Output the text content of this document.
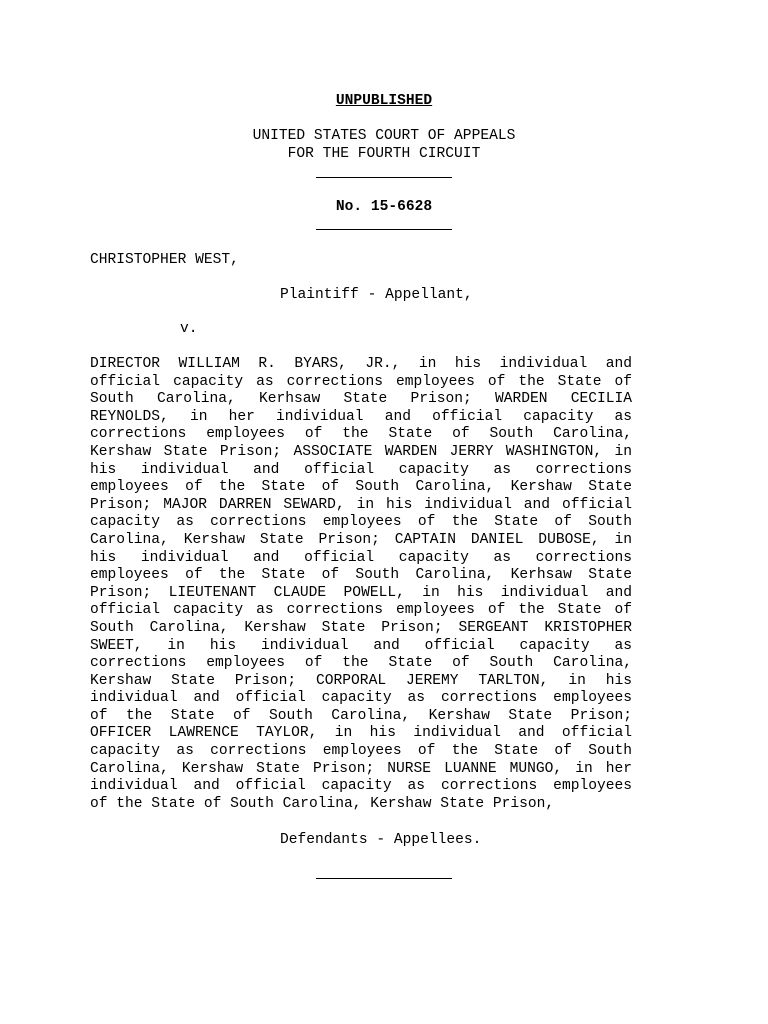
UNPUBLISHED
UNITED STATES COURT OF APPEALS
FOR THE FOURTH CIRCUIT
No. 15-6628
CHRISTOPHER WEST,
Plaintiff - Appellant,
v.
DIRECTOR WILLIAM R. BYARS, JR., in his individual and
official capacity as corrections employees of the State of
South Carolina, Kerhsaw State Prison; WARDEN CECILIA
REYNOLDS, in her individual and official capacity as
corrections employees of the State of South Carolina,
Kershaw State Prison; ASSOCIATE WARDEN JERRY WASHINGTON, in
his individual and official capacity as corrections
employees of the State of South Carolina, Kershaw State
Prison; MAJOR DARREN SEWARD, in his individual and official
capacity as corrections employees of the State of South
Carolina, Kershaw State Prison; CAPTAIN DANIEL DUBOSE, in
his individual and official capacity as corrections
employees of the State of South Carolina, Kerhsaw State
Prison; LIEUTENANT CLAUDE POWELL, in his individual and
official capacity as corrections employees of the State of
South Carolina, Kershaw State Prison; SERGEANT KRISTOPHER
SWEET, in his individual and official capacity as
corrections employees of the State of South Carolina,
Kershaw State Prison; CORPORAL JEREMY TARLTON, in his
individual and official capacity as corrections employees
of the State of South Carolina, Kershaw State Prison;
OFFICER LAWRENCE TAYLOR, in his individual and official
capacity as corrections employees of the State of South
Carolina, Kershaw State Prison; NURSE LUANNE MUNGO, in her
individual and official capacity as corrections employees
of the State of South Carolina, Kershaw State Prison,
Defendants - Appellees.
